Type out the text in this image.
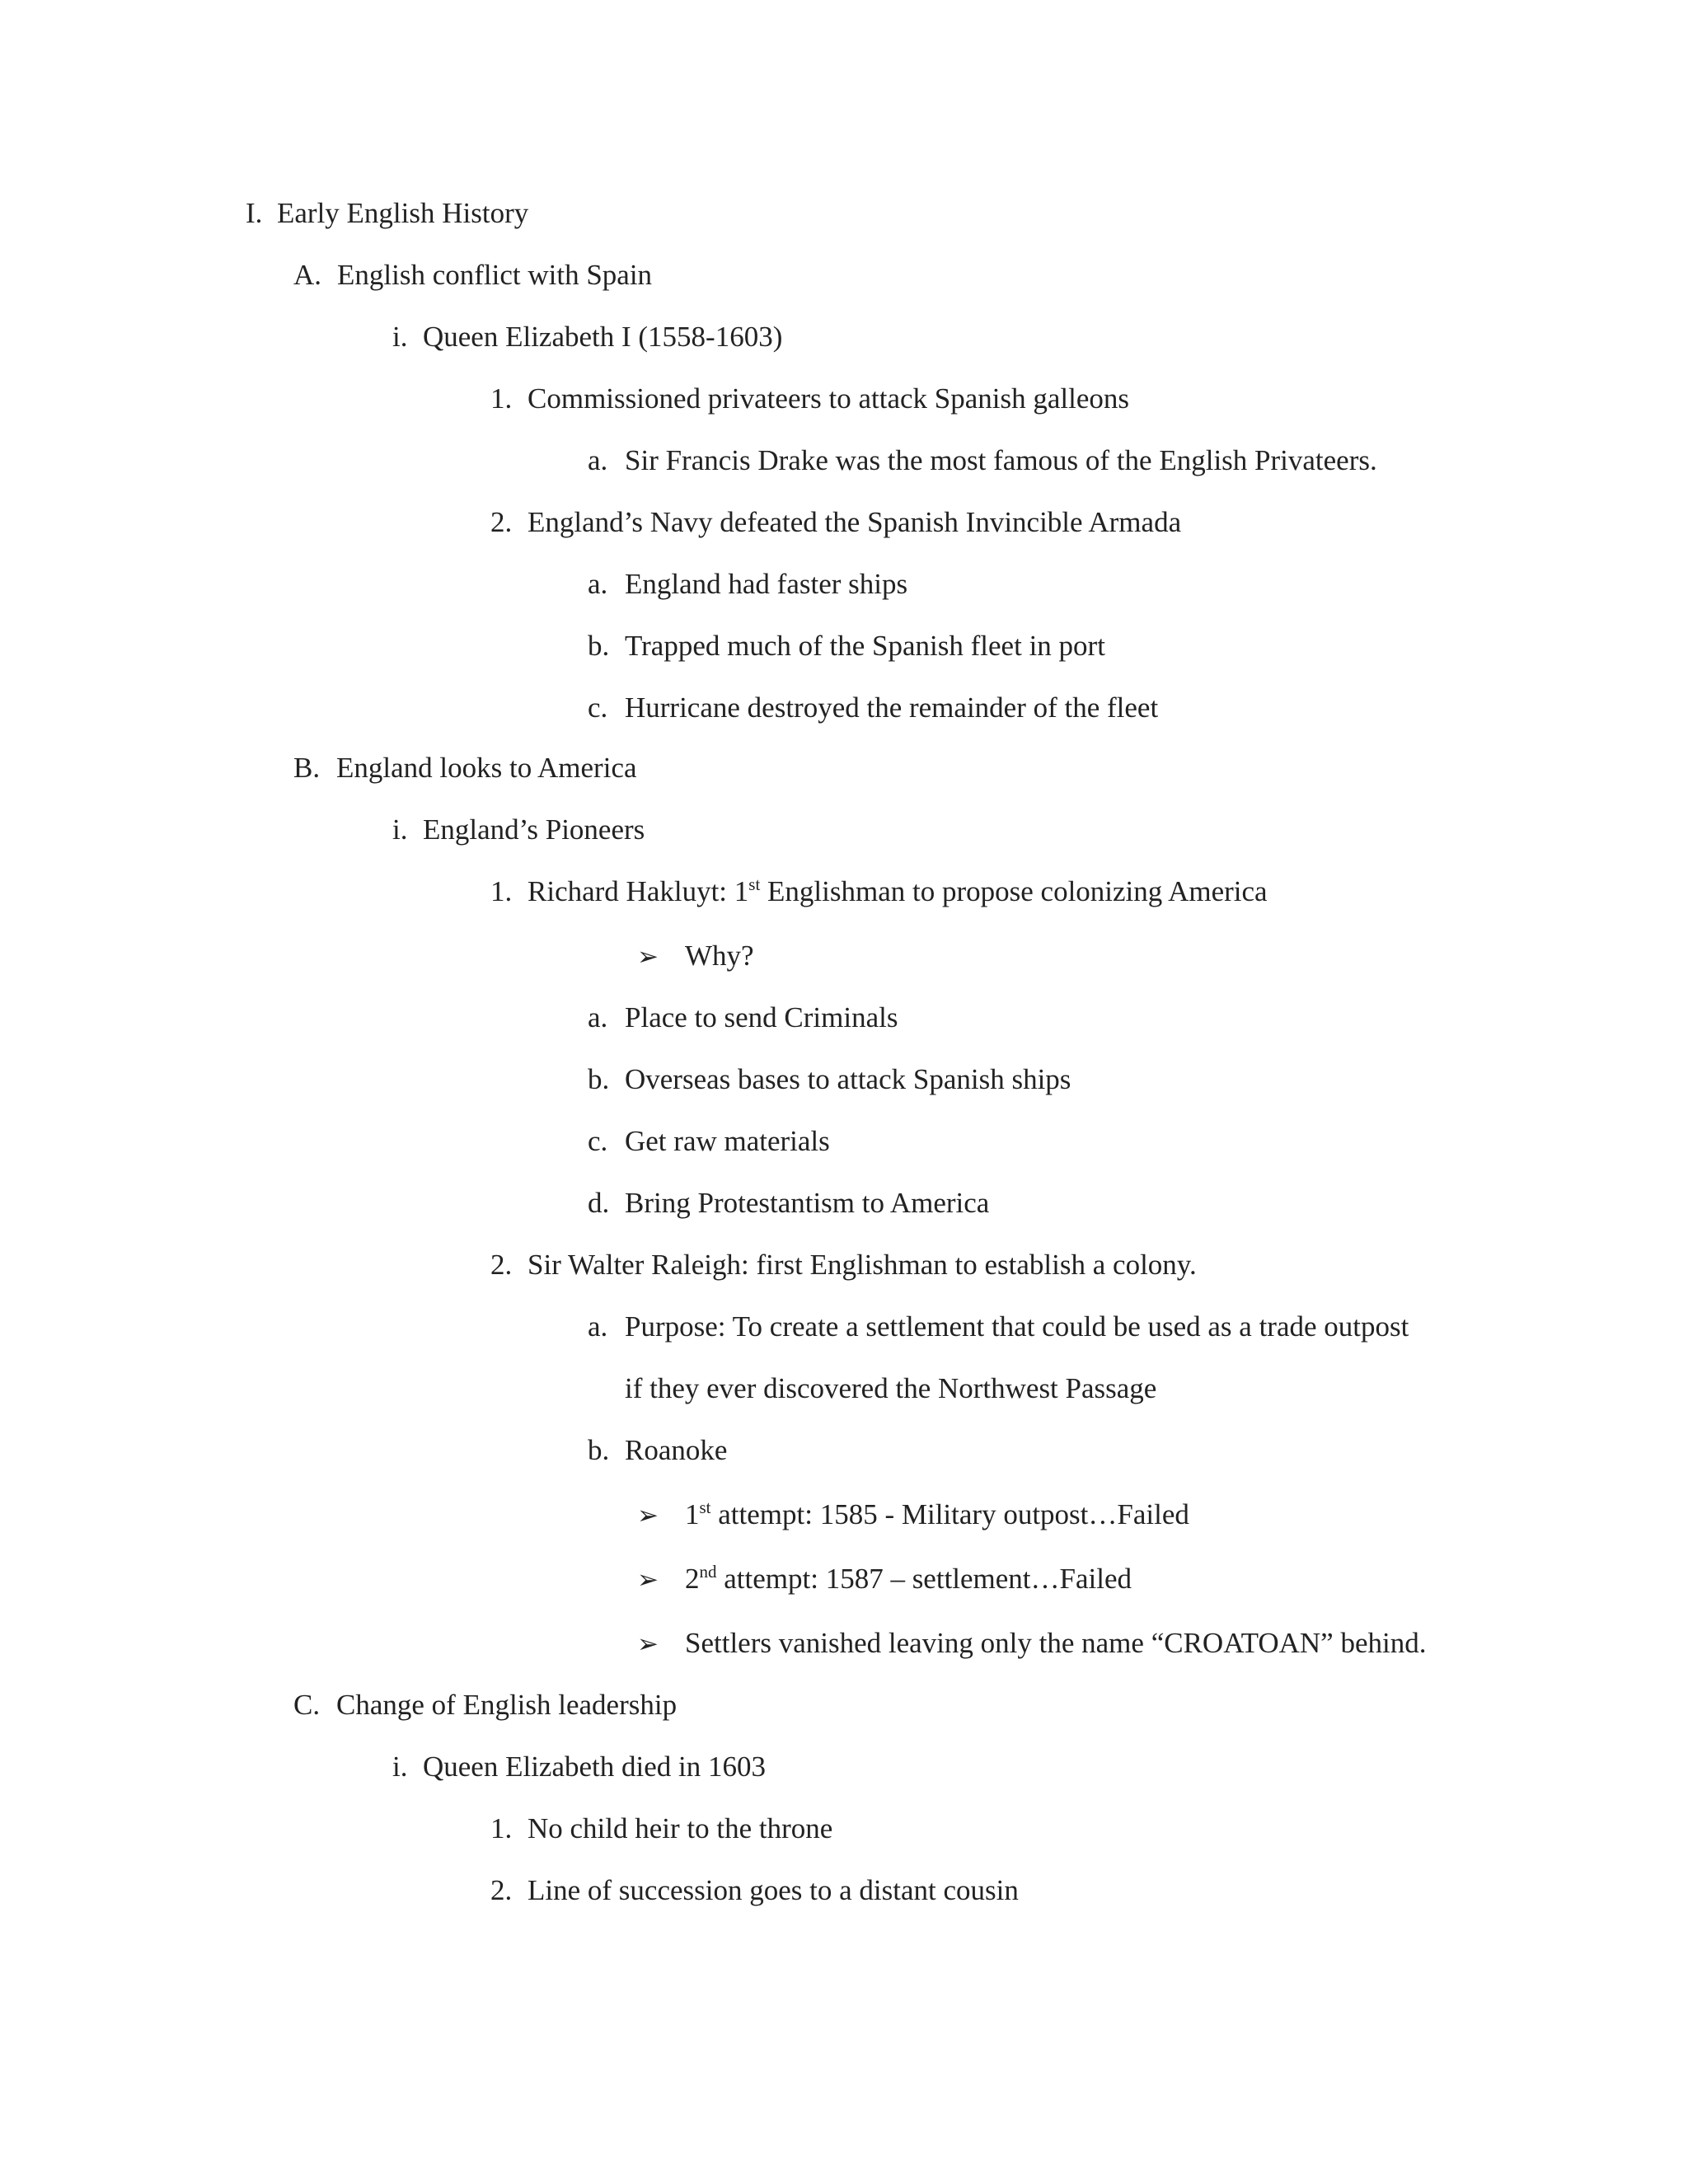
I. Early English History
A. English conflict with Spain
i. Queen Elizabeth I (1558-1603)
1. Commissioned privateers to attack Spanish galleons
a. Sir Francis Drake was the most famous of the English Privateers.
2. England’s Navy defeated the Spanish Invincible Armada
a. England had faster ships
b. Trapped much of the Spanish fleet in port
c. Hurricane destroyed the remainder of the fleet
B. England looks to America
i. England’s Pioneers
1. Richard Hakluyt: 1st Englishman to propose colonizing America
➢ Why?
a. Place to send Criminals
b. Overseas bases to attack Spanish ships
c. Get raw materials
d. Bring Protestantism to America
2. Sir Walter Raleigh: first Englishman to establish a colony.
a. Purpose: To create a settlement that could be used as a trade outpost
if they ever discovered the Northwest Passage
b. Roanoke
➢ 1st attempt: 1585 - Military outpost…Failed
➢ 2nd attempt: 1587 – settlement…Failed
➢ Settlers vanished leaving only the name “CROATOAN” behind.
C. Change of English leadership
i. Queen Elizabeth died in 1603
1. No child heir to the throne
2. Line of succession goes to a distant cousin
